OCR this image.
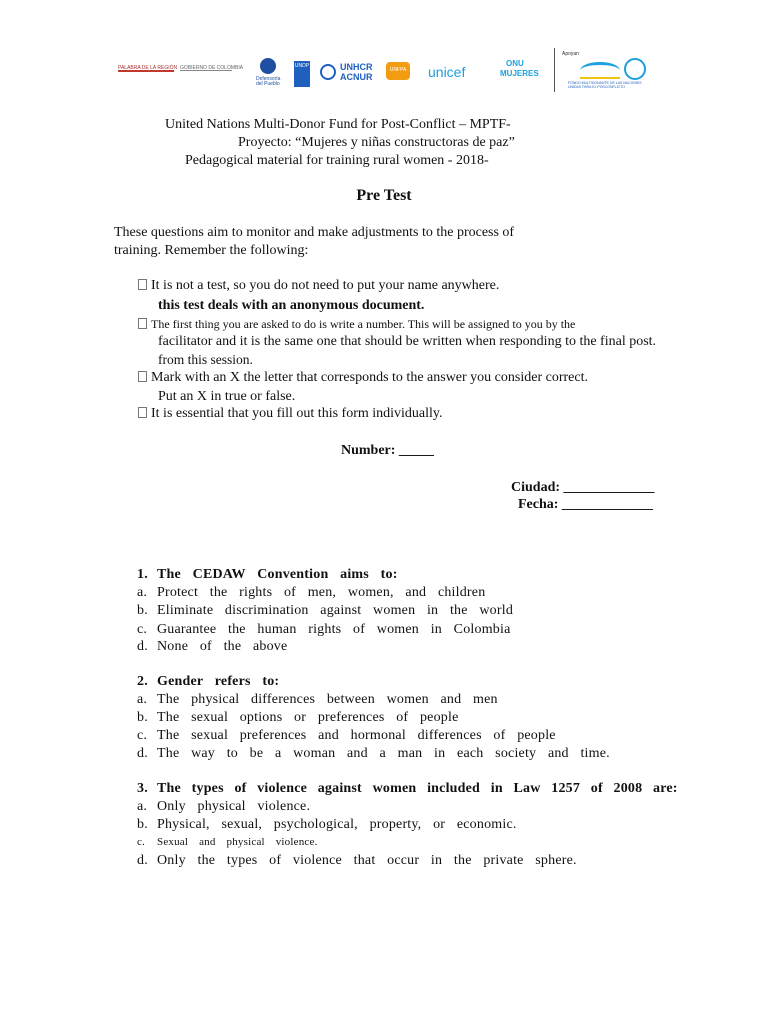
PALABRA DE LA REGIÓN GOBIERNO DE COLOMBIA
Defensoría del Pueblo
UNDP	UNHCR
ACNUR
UNFPA unicef
ONU
MUJERES
Apoyan
FONDO MULTIDONANTE DE LAS NACIONES UNIDAS PARA EL POSCONFLICTO
United Nations Multi-Donor Fund for Post-Conflict – MPTF-
Proyecto: “Mujeres y niñas constructoras de paz”
Pedagogical material for training rural women - 2018-
Pre Test
These questions aim to monitor and make adjustments to the process of
training. Remember the following:
It is not a test, so you do not need to put your name anywhere.
this test deals with an anonymous document.
The first thing you are asked to do is write a number. This will be assigned to you by the
facilitator and it is the same one that should be written when responding to the final post.
from this session.
Mark with an X the letter that corresponds to the answer you consider correct.
Put an X in true or false.
It is essential that you fill out this form individually.
Number: _____
Ciudad: _____________
Fecha: _____________
1. The CEDAW Convention aims to:
a. Protect the rights of men, women, and children
b. Eliminate discrimination against women in the world
c. Guarantee the human rights of women in Colombia
d. None of the above
2. Gender refers to:
a. The physical differences between women and men
b. The sexual options or preferences of people
c. The sexual preferences and hormonal differences of people
d. The way to be a woman and a man in each society and time.
3. The types of violence against women included in Law 1257 of 2008 are:
a. Only physical violence.
b. Physical, sexual, psychological, property, or economic.
c. Sexual and physical violence.
d. Only the types of violence that occur in the private sphere.
